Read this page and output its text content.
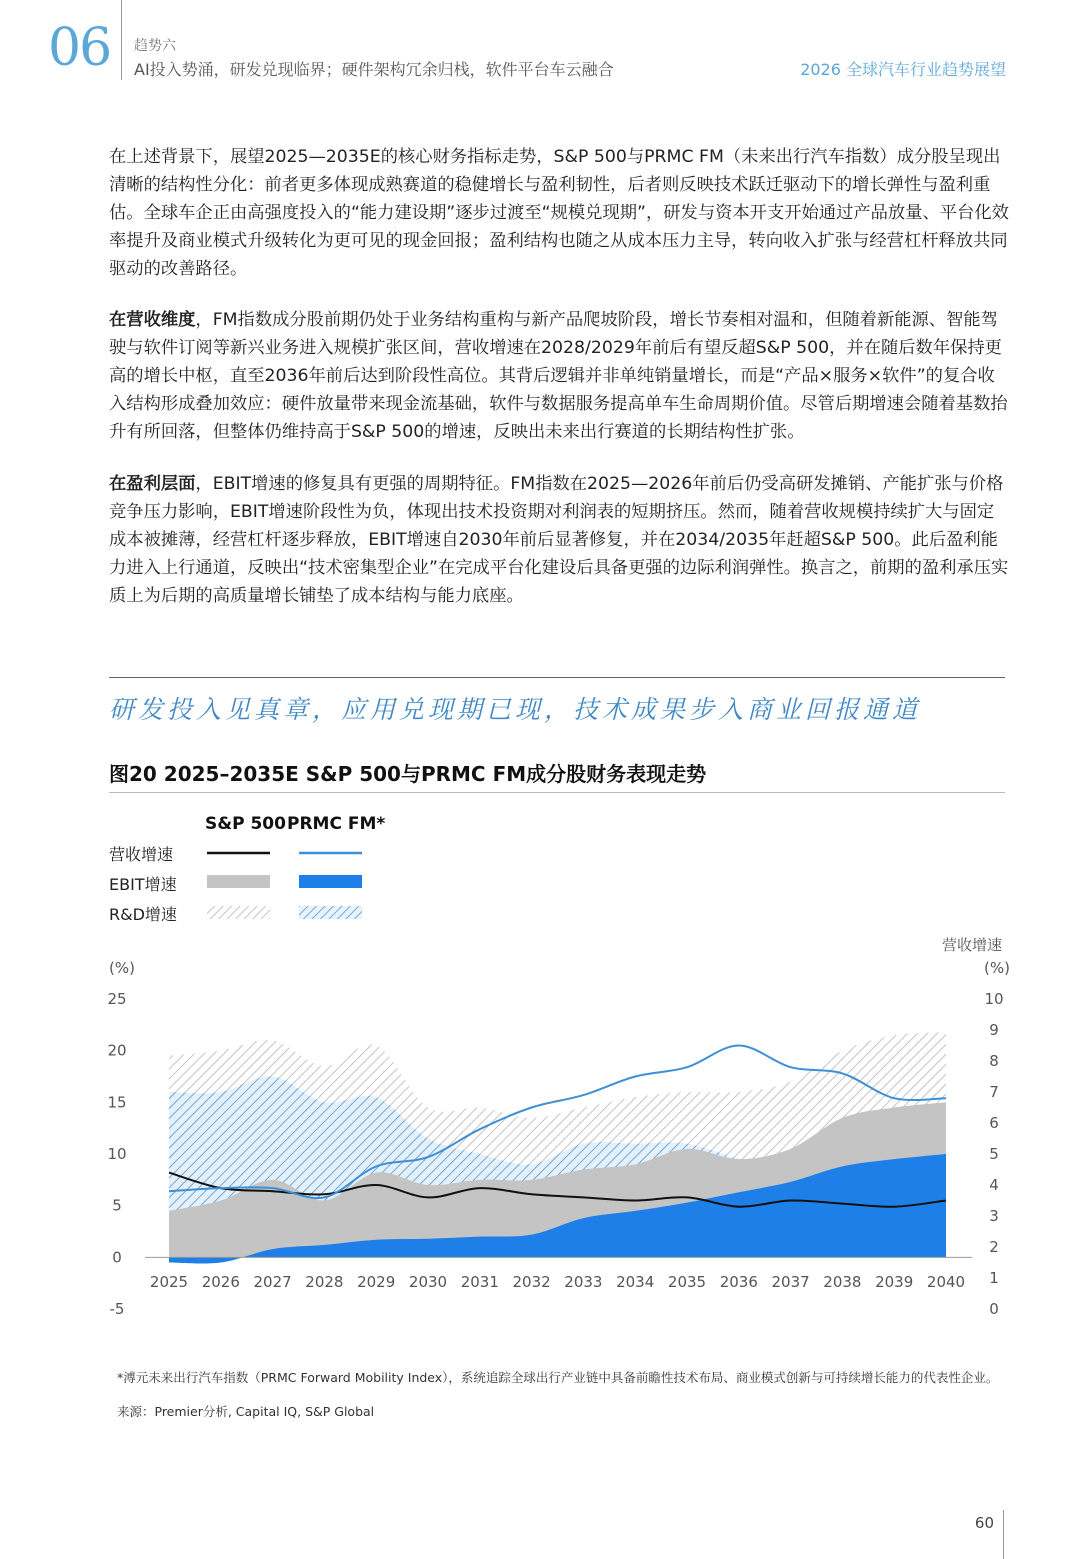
06 趋势六
AI投入势涌，研发兑现临界；硬件架构冗余归栈，软件平台车云融合	2026 全球汽车行业趋势展望

在上述背景下，展望2025—2035E的核心财务指标走势，S&P 500与PRMC FM（未来出行汽车指数）成分股呈现出清晰的结构性分化：前者更多体现成熟赛道的稳健增长与盈利韧性，后者则反映技术跃迁驱动下的增长弹性与盈利重估。全球车企正由高强度投入的“能力建设期”逐步过渡至“规模兑现期”，研发与资本开支开始通过产品放量、平台化效率提升及商业模式升级转化为更可见的现金回报；盈利结构也随之从成本压力主导，转向收入扩张与经营杠杆释放共同驱动的改善路径。

在营收维度，FM指数成分股前期仍处于业务结构重构与新产品爬坡阶段，增长节奏相对温和，但随着新能源、智能驾驶与软件订阅等新兴业务进入规模扩张区间，营收增速在2028/2029年前后有望反超S&P 500，并在随后数年保持更高的增长中枢，直至2036年前后达到阶段性高位。其背后逻辑并非单纯销量增长，而是“产品×服务×软件”的复合收入结构形成叠加效应：硬件放量带来现金流基础，软件与数据服务提高单车生命周期价值。尽管后期增速会随着基数抬升有所回落，但整体仍维持高于S&P 500的增速，反映出未来出行赛道的长期结构性扩张。

在盈利层面，EBIT增速的修复具有更强的周期特征。FM指数在2025—2026年前后仍受高研发摊销、产能扩张与价格竞争压力影响，EBIT增速阶段性为负，体现出技术投资期对利润表的短期挤压。然而，随着营收规模持续扩大与固定成本被摊薄，经营杠杆逐步释放，EBIT增速自2030年前后显著修复，并在2034/2035年赶超S&P 500。此后盈利能力进入上行通道，反映出“技术密集型企业”在完成平台化建设后具备更强的边际利润弹性。换言之，前期的盈利承压实质上为后期的高质量增长铺垫了成本结构与能力底座。

研发投入见真章，应用兑现期已现，技术成果步入商业回报通道
图20 2025–2035E S&P 500与PRMC FM成分股财务表现走势
S&P 500 PRMC FM*
营收增速
EBIT增速
R&D增速
(%)
营收增速
(%)
25
20
15
10
5
0
-5
10
9
8
7
6
5
4
3
2
1
0
2025 2026 2027 2028 2029 2030 2031 2032 2033 2034 2035 2036 2037 2038 2039 2040
*溥元未来出行汽车指数（PRMC Forward Mobility Index），系统追踪全球出行产业链中具备前瞻性技术布局、商业模式创新与可持续增长能力的代表性企业。
来源：Premier分析, Capital IQ, S&P Global
60
